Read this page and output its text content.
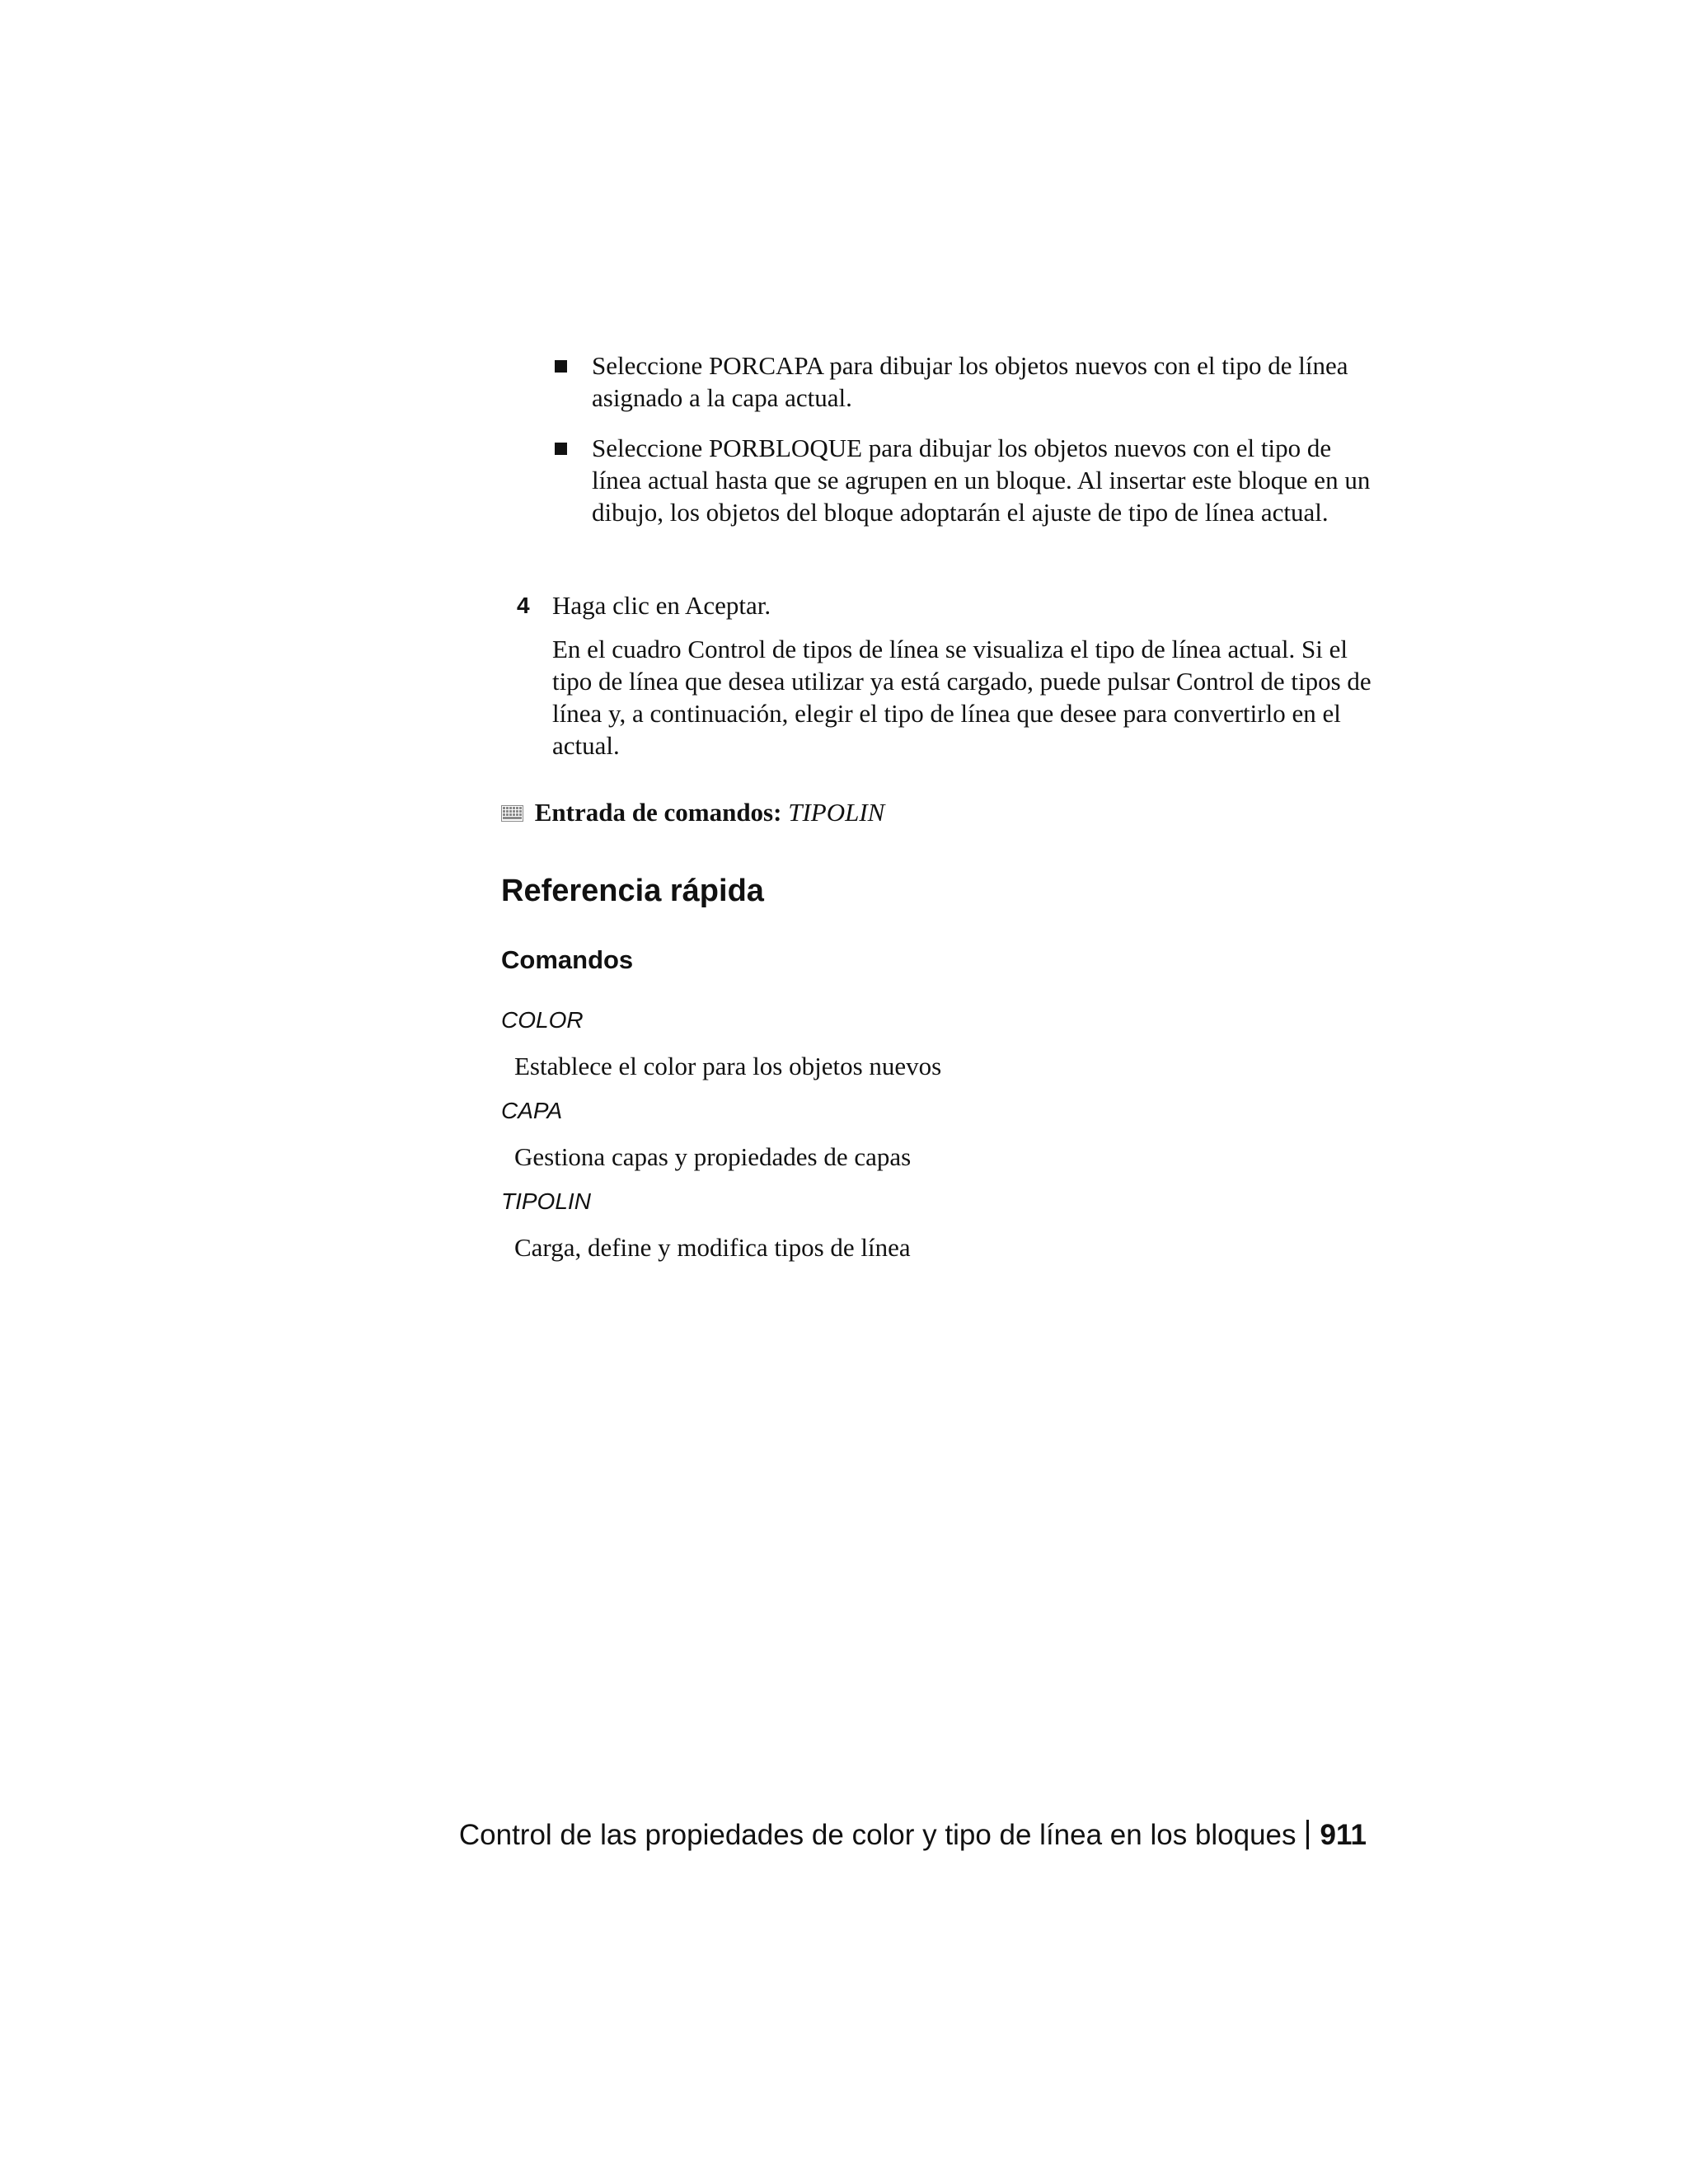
Seleccione PORCAPA para dibujar los objetos nuevos con el tipo de línea asignado a la capa actual.
Seleccione PORBLOQUE para dibujar los objetos nuevos con el tipo de línea actual hasta que se agrupen en un bloque. Al insertar este bloque en un dibujo, los objetos del bloque adoptarán el ajuste de tipo de línea actual.
4 Haga clic en Aceptar.
En el cuadro Control de tipos de línea se visualiza el tipo de línea actual. Si el tipo de línea que desea utilizar ya está cargado, puede pulsar Control de tipos de línea y, a continuación, elegir el tipo de línea que desee para convertirlo en el actual.
Entrada de comandos: TIPOLIN
Referencia rápida
Comandos
COLOR
Establece el color para los objetos nuevos
CAPA
Gestiona capas y propiedades de capas
TIPOLIN
Carga, define y modifica tipos de línea
Control de las propiedades de color y tipo de línea en los bloques 911
